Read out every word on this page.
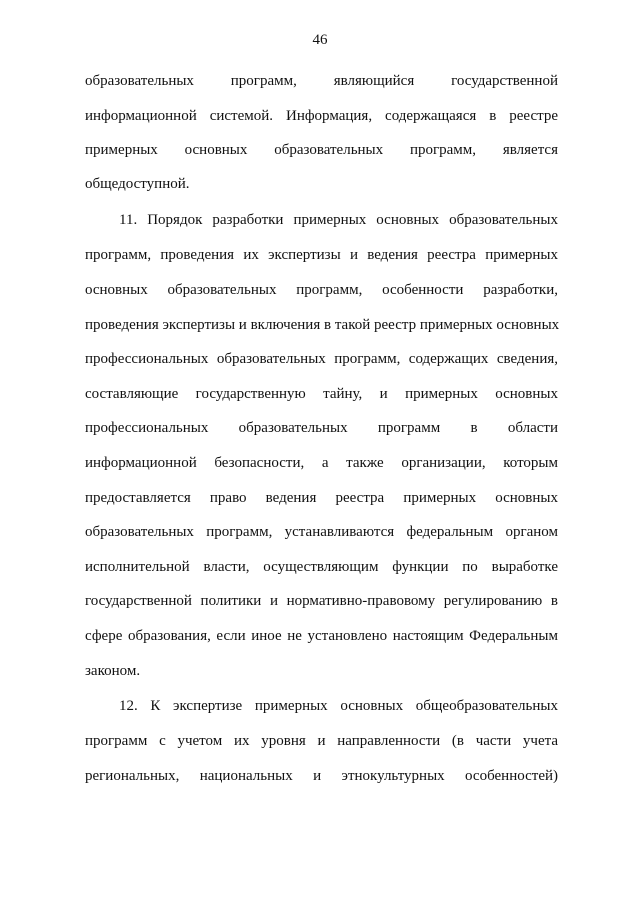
46
образовательных программ, являющийся государственной
информационной системой. Информация, содержащаяся в реестре
примерных основных образовательных программ, является
общедоступной.
11. Порядок разработки примерных основных образовательных
программ, проведения их экспертизы и ведения реестра примерных
основных образовательных программ, особенности разработки,
проведения экспертизы и включения в такой реестр примерных основных
профессиональных образовательных программ, содержащих сведения,
составляющие государственную тайну, и примерных основных
профессиональных образовательных программ в области
информационной безопасности, а также организации, которым
предоставляется право ведения реестра примерных основных
образовательных программ, устанавливаются федеральным органом
исполнительной власти, осуществляющим функции по выработке
государственной политики и нормативно-правовому регулированию в
сфере образования, если иное не установлено настоящим Федеральным
законом.
12. К экспертизе примерных основных общеобразовательных
программ с учетом их уровня и направленности (в части учета
региональных, национальных и этнокультурных особенностей)
